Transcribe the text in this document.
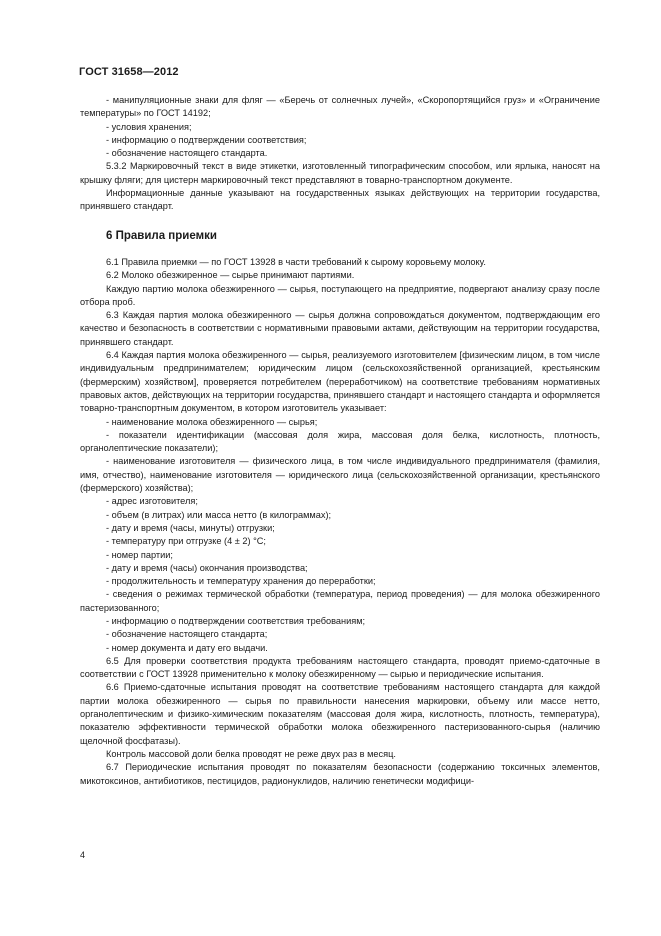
ГОСТ 31658—2012

- манипуляционные знаки для фляг — «Беречь от солнечных лучей», «Скоропортящийся груз» и «Ограничение температуры» по ГОСТ 14192;

- условия хранения;

- информацию о подтверждении соответствия;

- обозначение настоящего стандарта.

5.3.2 Маркировочный текст в виде этикетки, изготовленный типографическим способом, или ярлыка, наносят на крышку фляги; для цистерн маркировочный текст представляют в товарно-транспортном документе.

Информационные данные указывают на государственных языках действующих на территории государства, принявшего стандарт.

6 Правила приемки

6.1 Правила приемки — по ГОСТ 13928 в части требований к сырому коровьему молоку.

6.2 Молоко обезжиренное — сырье принимают партиями.

Каждую партию молока обезжиренного — сырья, поступающего на предприятие, подвергают анализу сразу после отбора проб.

6.3 Каждая партия молока обезжиренного — сырья должна сопровождаться документом, подтверждающим его качество и безопасность в соответствии с нормативными правовыми актами, действующим на территории государства, принявшего стандарт.

6.4 Каждая партия молока обезжиренного — сырья, реализуемого изготовителем [физическим лицом, в том числе индивидуальным предпринимателем; юридическим лицом (сельскохозяйственной организацией, крестьянским (фермерским) хозяйством], проверяется потребителем (переработчиком) на соответствие требованиям нормативных правовых актов, действующих на территории государства, принявшего стандарт и настоящего стандарта и оформляется товарно-транспортным документом, в котором изготовитель указывает:

- наименование молока обезжиренного — сырья;

- показатели идентификации (массовая доля жира, массовая доля белка, кислотность, плотность, органолептические показатели);

- наименование изготовителя — физического лица, в том числе индивидуального предпринимателя (фамилия, имя, отчество), наименование изготовителя — юридического лица (сельскохозяйственной организации, крестьянского (фермерского) хозяйства);

- адрес изготовителя;

- объем (в литрах) или масса нетто (в килограммах);

- дату и время (часы, минуты) отгрузки;

- температуру при отгрузке (4 ± 2) °С;

- номер партии;

- дату и время (часы) окончания производства;

- продолжительность и температуру хранения до переработки;

- сведения о режимах термической обработки (температура, период проведения) — для молока обезжиренного пастеризованного;

- информацию о подтверждении соответствия требованиям;

- обозначение настоящего стандарта;

- номер документа и дату его выдачи.

6.5 Для проверки соответствия продукта требованиям настоящего стандарта, проводят приемо-сдаточные в соответствии с ГОСТ 13928 применительно к молоку обезжиренному — сырью и периодические испытания.

6.6 Приемо-сдаточные испытания проводят на соответствие требованиям настоящего стандарта для каждой партии молока обезжиренного — сырья по правильности нанесения маркировки, объему или массе нетто, органолептическим и физико-химическим показателям (массовая доля жира, кислотность, плотность, температура), показателю эффективности термической обработки молока обезжиренного пастеризованного-сырья (наличию щелочной фосфатазы).

Контроль массовой доли белка проводят не реже двух раз в месяц.

6.7 Периодические испытания проводят по показателям безопасности (содержанию токсичных элементов, микотоксинов, антибиотиков, пестицидов, радионуклидов, наличию генетически модифици-

4
